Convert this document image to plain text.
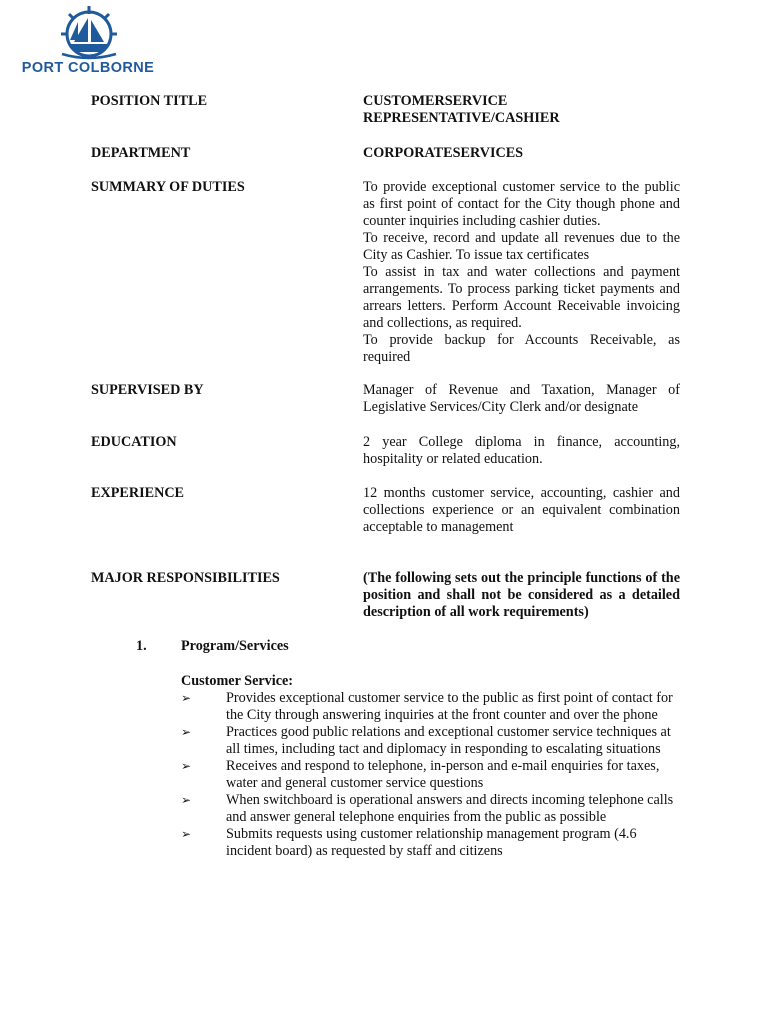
PORT COLBORNE
POSITION TITLE	CUSTOMERSERVICE

REPRESENTATIVE/CASHIER

DEPARTMENT	CORPORATESERVICES

SUMMARY OF DUTIES	To provide exceptional customer service to the public as first point of contact for the City though phone and counter inquiries including cashier duties.

To receive, record and update all revenues due to the City as Cashier. To issue tax certificates

To assist in tax and water collections and payment arrangements. To process parking ticket payments and arrears letters. Perform Account Receivable invoicing and collections, as required.

To provide backup for Accounts Receivable, as required

SUPERVISED BY	Manager of Revenue and Taxation, Manager of Legislative Services/City Clerk and/or designate

EDUCATION	2 year College diploma in finance, accounting, hospitality or related education.

EXPERIENCE	12 months customer service, accounting, cashier and collections experience or an equivalent combination acceptable to management

MAJOR RESPONSIBILITIES	(The following sets out the principle functions of the position and shall not be considered as a detailed description of all work requirements)

1. Program/Services
Customer Service:
➢ Provides exceptional customer service to the public as first point of contact for the City through answering inquiries at the front counter and over the phone
➢ Practices good public relations and exceptional customer service techniques at all times, including tact and diplomacy in responding to escalating situations
➢ Receives and respond to telephone, in-person and e-mail enquiries for taxes, water and general customer service questions
➢ When switchboard is operational answers and directs incoming telephone calls and answer general telephone enquiries from the public as possible
➢ Submits requests using customer relationship management program (4.6 incident board) as requested by staff and citizens
